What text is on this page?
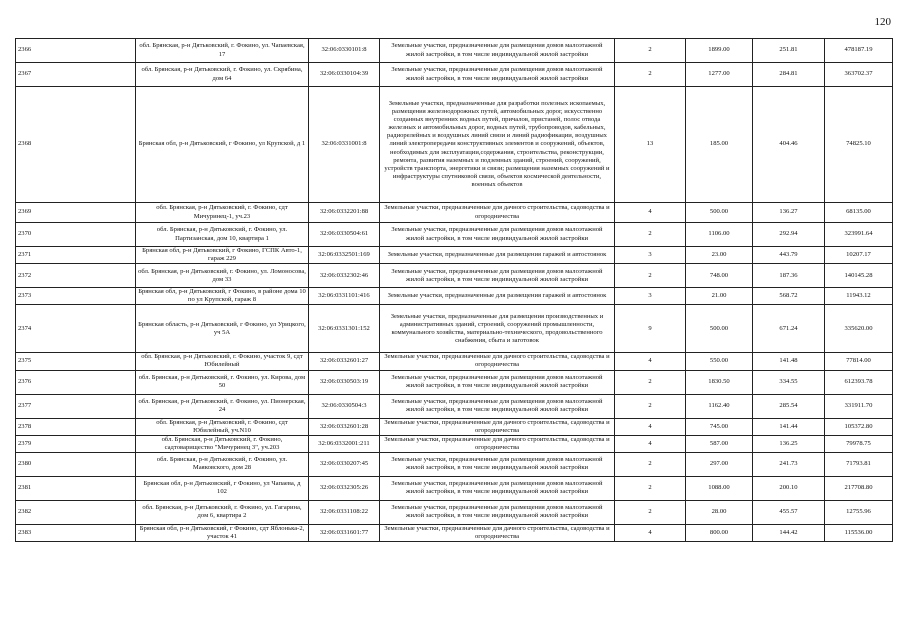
120
2366	обл. Брянская, р-н Дятьковский, г. Фокино, ул. Чапаевская, 17	32:06:0330101:8	Земельные участки, предназначенные для размещения домов малоэтажной жилой застройки, в том числе индивидуальной жилой застройки	2	1899.00	251.81	478187.19
2367	обл. Брянская, р-н Дятьковский, г. Фокино, ул. Скрябина, дом 64	32:06:0330104:39	Земельные участки, предназначенные для размещения домов малоэтажной жилой застройки, в том числе индивидуальной жилой застройки	2	1277.00	284.81	363702.37
2368	Брянская обл, р-н Дятьковский, г Фокино, ул Крупской, д 1	32:06:0331001:8	Земельные участки, предназначенные для разработки полезных ископаемых, размещения железнодорожных путей, автомобильных дорог, искусственно созданных внутренних водных путей, причалов, пристаней, полос отвода железных и автомобильных дорог, водных путей, трубопроводов, кабельных, радиорелейных и воздушных линий связи и линий радиофикации, воздушных линий электропередачи конструктивных элементов и сооружений, объектов, необходимых для эксплуатации,содержания, строительства, реконструкции, ремонта, развития наземных и подземных зданий, строений, сооружений, устройств транспорта, энергетики и связи; размещения наземных сооружений и инфраструктуры спутниковой связи, объектов космической деятельности, военных объектов	13	185.00	404.46	74825.10
2369	обл. Брянская, р-н Дятьковский, г. Фокино, сдт Мичуринец-1, уч.23	32:06:0332201:88	Земельные участки, предназначенные для дачного строительства, садоводства и огородничества	4	500.00	136.27	68135.00
2370	обл. Брянская, р-н Дятьковский, г. Фокино, ул. Партизанская, дом 10, квартира 1	32:06:0330504:61	Земельные участки, предназначенные для размещения домов малоэтажной жилой застройки, в том числе индивидуальной жилой застройки	2	1106.00	292.94	323991.64
2371	Брянская обл, р-н Дятьковский, г Фокино, ГСПК Авто-1, гараж 229	32:06:0332501:169	Земельные участки, предназначенные для размещения гаражей и автостоянок	3	23.00	443.79	10207.17
2372	обл. Брянская, р-н Дятьковский, г. Фокино, ул. Ломоносова, дом 33	32:06:0332302:46	Земельные участки, предназначенные для размещения домов малоэтажной жилой застройки, в том числе индивидуальной жилой застройки	2	748.00	187.36	140145.28
2373	Брянская обл, р-н Дятьковский, г Фокино, в районе дома 10 по ул Крупской, гараж 8	32:06:0331101:416	Земельные участки, предназначенные для размещения гаражей и автостоянок	3	21.00	568.72	11943.12
2374	Брянская область, р-н Дятьковский, г Фокино, ул Урицкого, уч 5А	32:06:0331301:152	Земельные участки, предназначенные для размещения производственных и административных зданий, строений, сооружений промышленности, коммунального хозяйства, материально-технического, продовольственного снабжения, сбыта и заготовок	9	500.00	671.24	335620.00
2375	обл. Брянская, р-н Дятьковский, г. Фокино, участок 9, сдт Юбилейный	32:06:0332601:27	Земельные участки, предназначенные для дачного строительства, садоводства и огородничества	4	550.00	141.48	77814.00
2376	обл. Брянская, р-н Дятьковский, г. Фокино, ул. Кирова, дом 50	32:06:0330503:19	Земельные участки, предназначенные для размещения домов малоэтажной жилой застройки, в том числе индивидуальной жилой застройки	2	1830.50	334.55	612393.78
2377	обл. Брянская, р-н Дятьковский, г. Фокино, ул. Пионерская, 24	32:06:0330504:3	Земельные участки, предназначенные для размещения домов малоэтажной жилой застройки, в том числе индивидуальной жилой застройки	2	1162.40	285.54	331911.70
2378	обл. Брянская, р-н Дятьковский, г. Фокино, сдт Юбилейный, уч.N10	32:06:0332601:28	Земельные участки, предназначенные для дачного строительства, садоводства и огородничества	4	745.00	141.44	105372.80
2379	обл. Брянская, р-н Дятьковский, г. Фокино, садтоварищество "Мичуринец 3", уч.203	32:06:0332001:211	Земельные участки, предназначенные для дачного строительства, садоводства и огородничества	4	587.00	136.25	79978.75
2380	обл. Брянская, р-н Дятьковский, г. Фокино, ул. Маяковского, дом 28	32:06:0330207:45	Земельные участки, предназначенные для размещения домов малоэтажной жилой застройки, в том числе индивидуальной жилой застройки	2	297.00	241.73	71793.81
2381	Брянская обл, р-н Дятьковский, г Фокино, ул Чапаева, д 102	32:06:0332305:26	Земельные участки, предназначенные для размещения домов малоэтажной жилой застройки, в том числе индивидуальной жилой застройки	2	1088.00	200.10	217708.80
2382	обл. Брянская, р-н Дятьковский, г. Фокино, ул. Гагарина, дом 6, квартира 2	32:06:0331108:22	Земельные участки, предназначенные для размещения домов малоэтажной жилой застройки, в том числе индивидуальной жилой застройки	2	28.00	455.57	12755.96
2383	Брянская обл, р-н Дятьковский, г Фокино, сдт Яблонька-2, участок 41	32:06:0331601:77	Земельные участки, предназначенные для дачного строительства, садоводства и огородничества	4	800.00	144.42	115536.00
